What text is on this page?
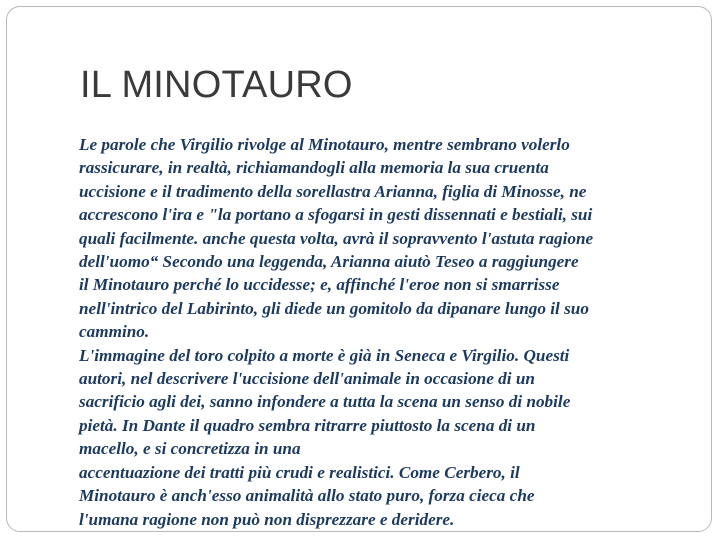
IL MINOTAURO
Le parole che Virgilio rivolge al Minotauro, mentre sembrano volerlo
rassicurare, in realtà, richiamandogli alla memoria la sua cruenta
uccisione e il tradimento della sorellastra Arianna, figlia di Minosse, ne
accrescono l'ira e "la portano a sfogarsi in gesti dissennati e bestiali, sui
quali facilmente. anche questa volta, avrà il sopravvento l'astuta ragione
dell'uomo“ Secondo una leggenda, Arianna aiutò Teseo a raggiungere
il Minotauro perché lo uccidesse; e, affinché l'eroe non si smarrisse
nell'intrico del Labirinto, gli diede un gomitolo da dipanare lungo il suo
cammino.
L'immagine del toro colpito a morte è già in Seneca e Virgilio. Questi
autori, nel descrivere l'uccisione dell'animale in occasione di un
sacrificio agli dei, sanno infondere a tutta la scena un senso di nobile
pietà. In Dante il quadro sembra ritrarre piuttosto la scena di un
macello, e si concretizza in una
accentuazione dei tratti più crudi e realistici. Come Cerbero, il
Minotauro è anch'esso animalità allo stato puro, forza cieca che
l'umana ragione non può non disprezzare e deridere.
